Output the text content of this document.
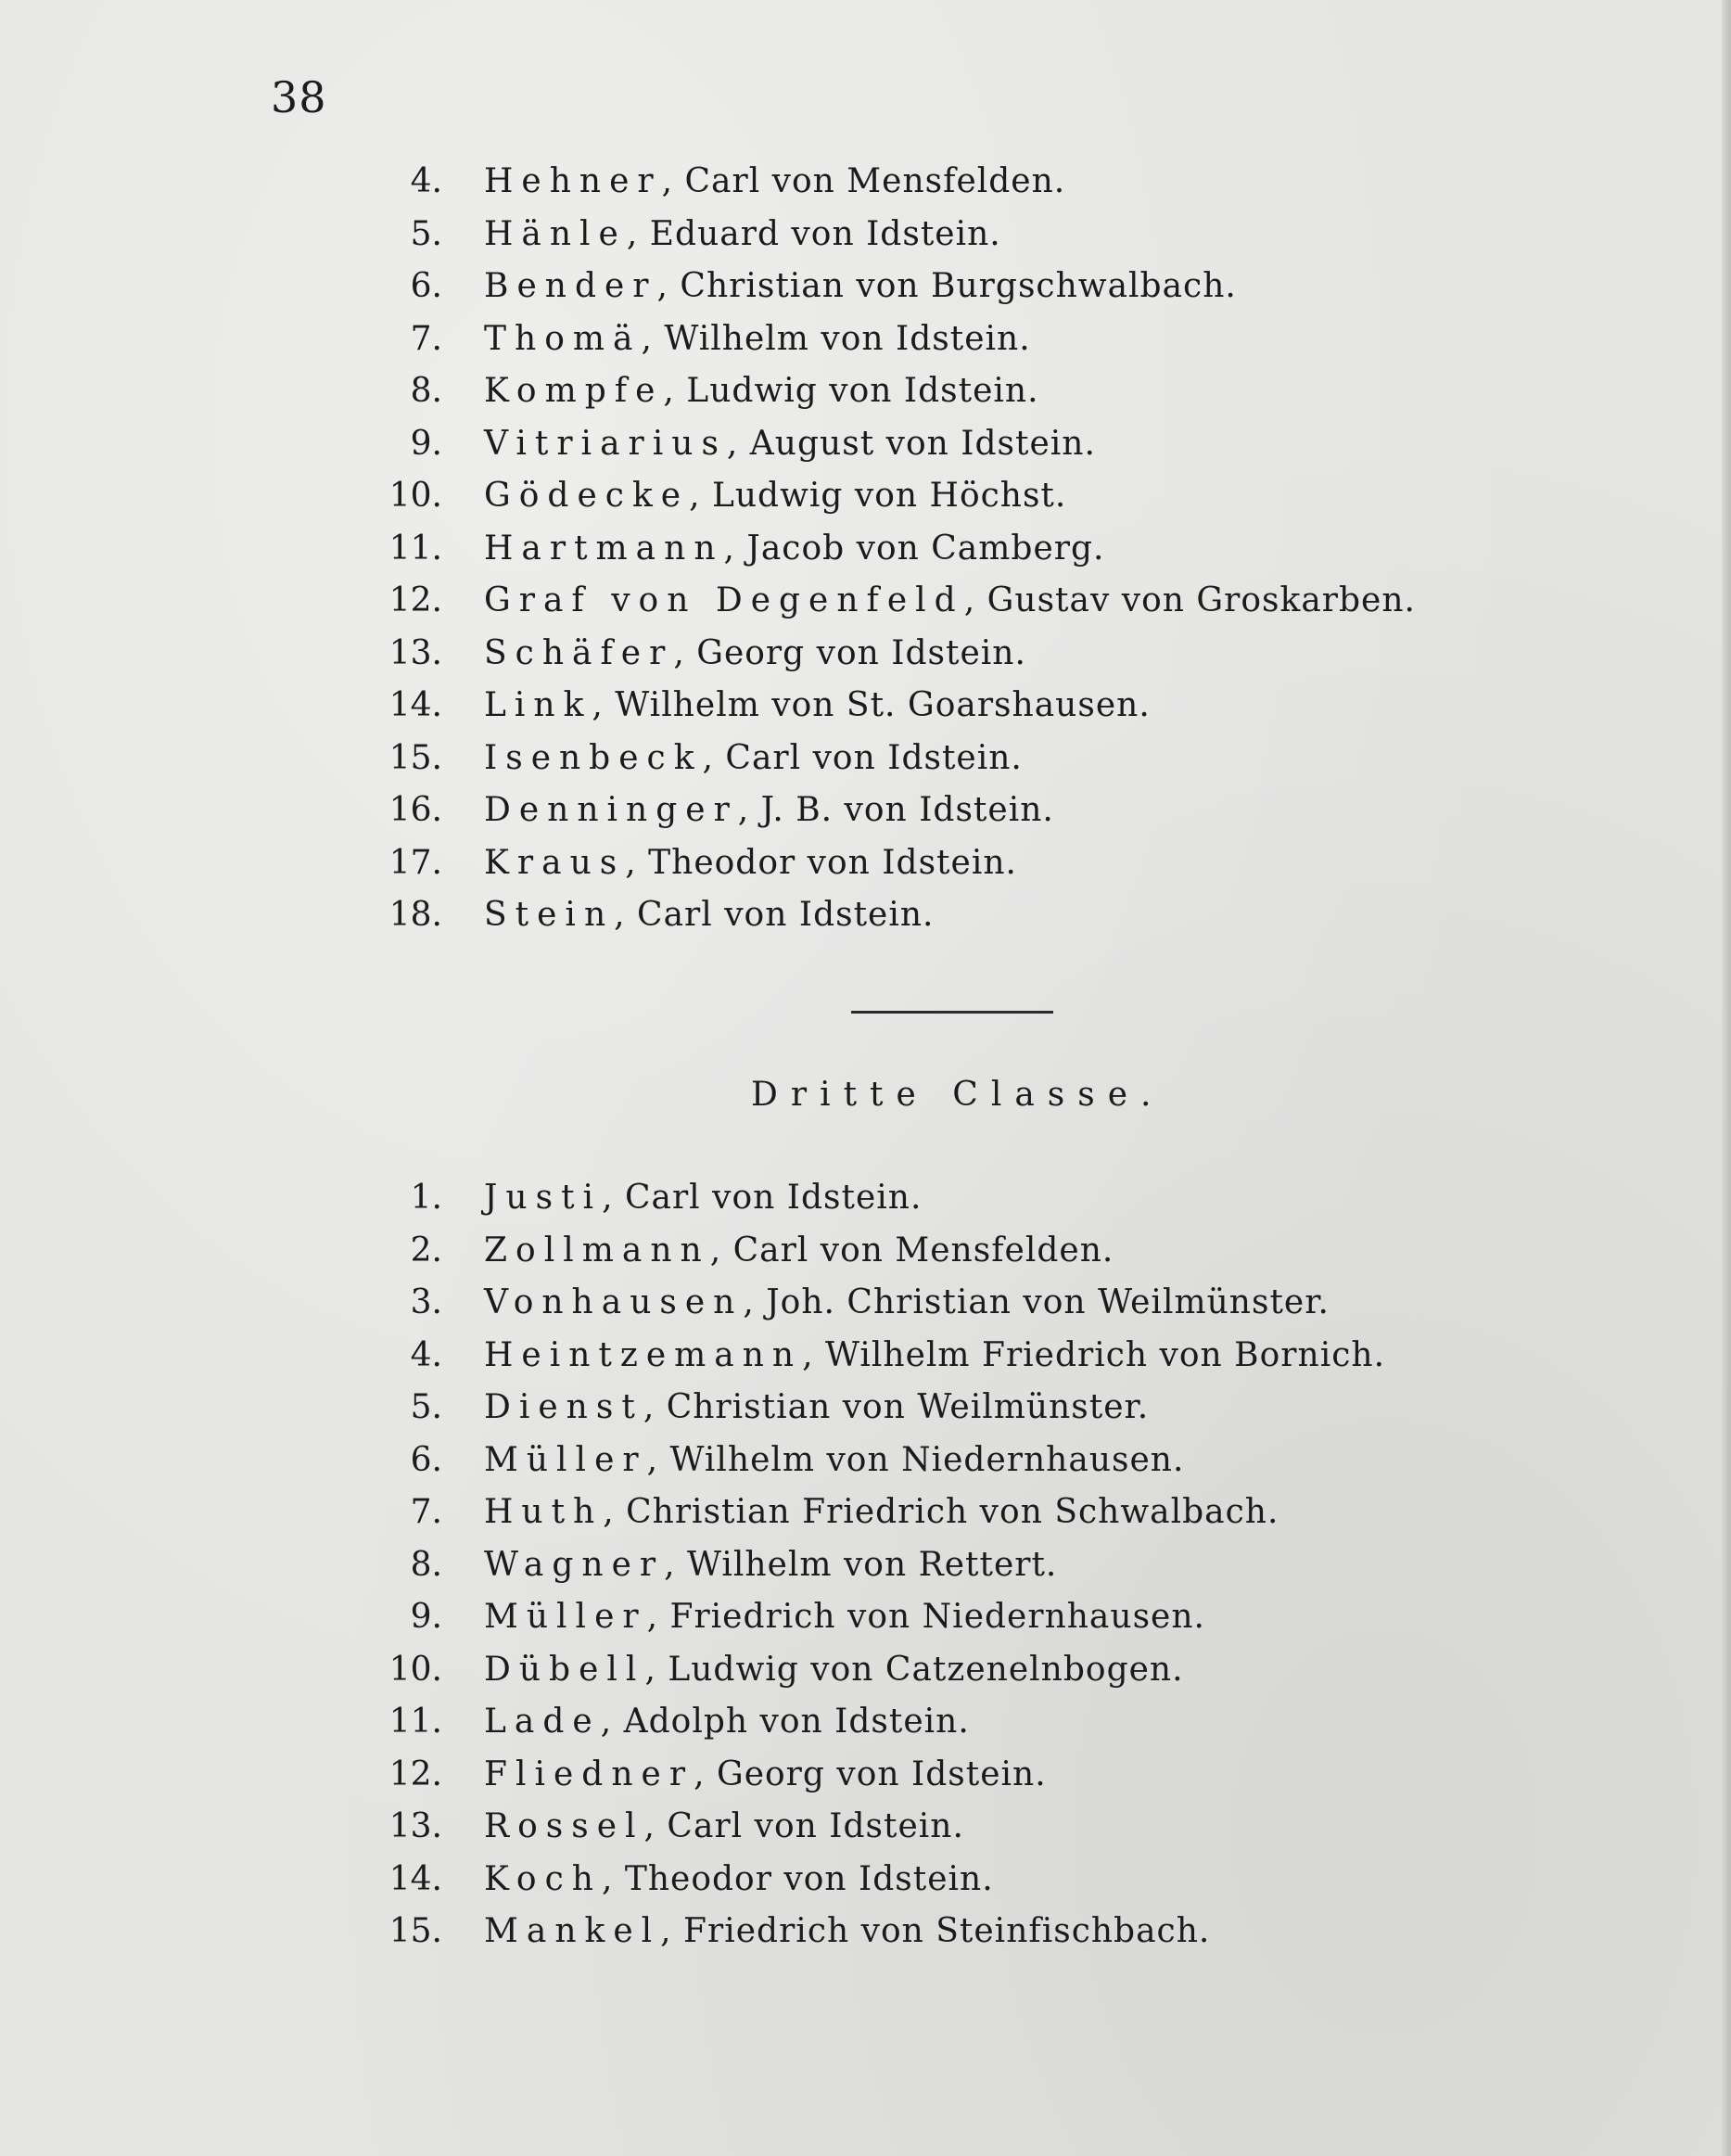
38
4. Hehner, Carl von Mensfelden.
5. Hänle, Eduard von Idstein.
6. Bender, Christian von Burgschwalbach.
7. Thomä, Wilhelm von Idstein.
8. Kompfe, Ludwig von Idstein.
9. Vitriarius, August von Idstein.
10. Gödecke, Ludwig von Höchst.
11. Hartmann, Jacob von Camberg.
12. Graf von Degenfeld, Gustav von Groskarben.
13. Schäfer, Georg von Idstein.
14. Link, Wilhelm von St. Goarshausen.
15. Isenbeck, Carl von Idstein.
16. Denninger, J. B. von Idstein.
17. Kraus, Theodor von Idstein.
18. Stein, Carl von Idstein.
Dritte Classe.
1. Justi, Carl von Idstein.
2. Zollmann, Carl von Mensfelden.
3. Vonhausen, Joh. Christian von Weilmünster.
4. Heintzemann, Wilhelm Friedrich von Bornich.
5. Dienst, Christian von Weilmünster.
6. Müller, Wilhelm von Niedernhausen.
7. Huth, Christian Friedrich von Schwalbach.
8. Wagner, Wilhelm von Rettert.
9. Müller, Friedrich von Niedernhausen.
10. Dübell, Ludwig von Catzenelnbogen.
11. Lade, Adolph von Idstein.
12. Fliedner, Georg von Idstein.
13. Rossel, Carl von Idstein.
14. Koch, Theodor von Idstein.
15. Mankel, Friedrich von Steinfischbach.
